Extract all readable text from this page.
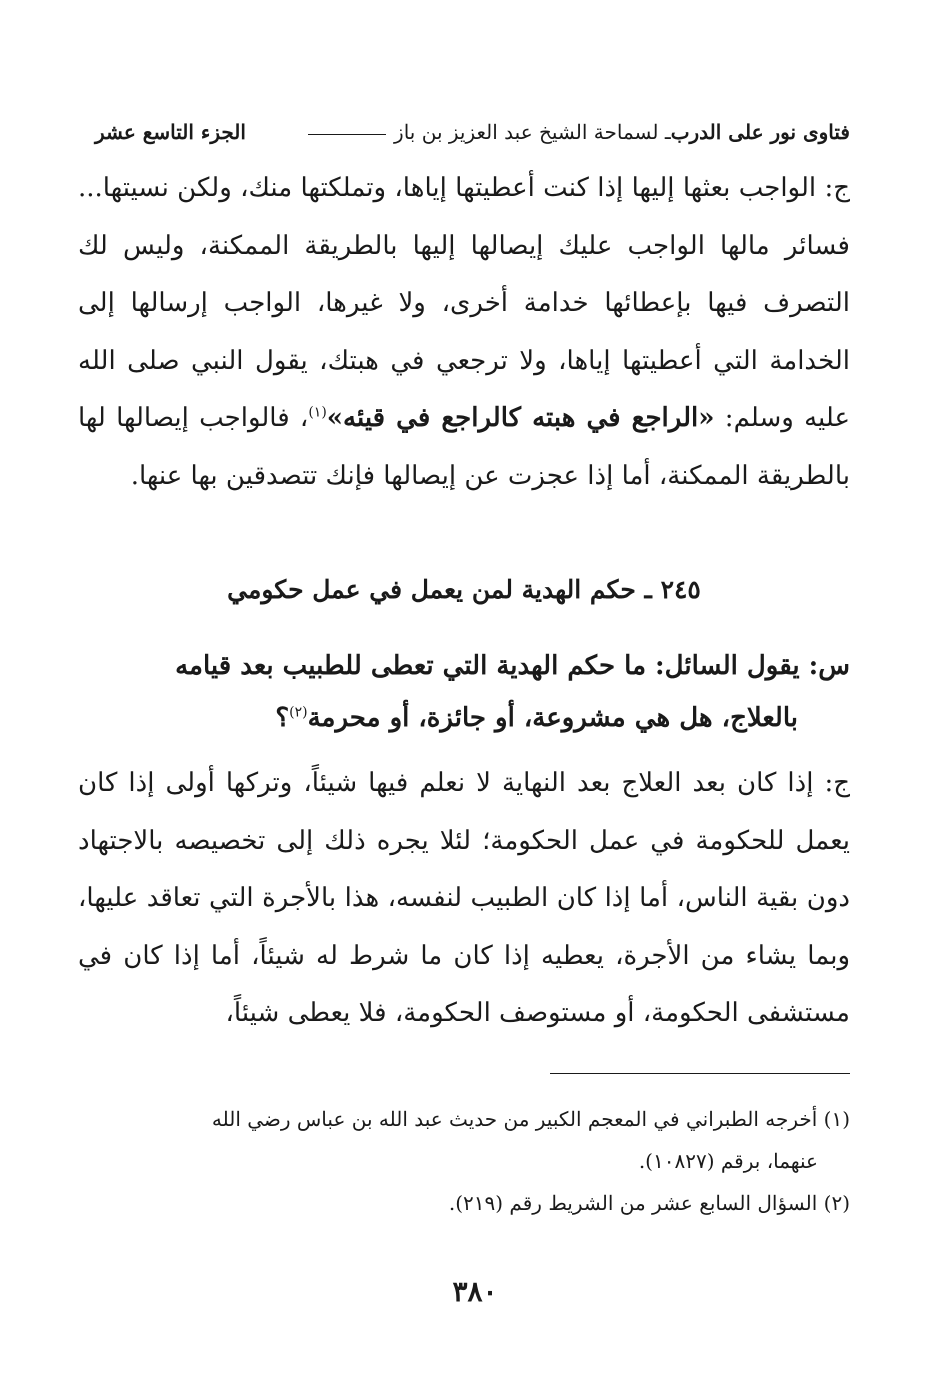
فتاوى نور على الدرب
ـ لسماحة الشيخ عبد العزيز بن باز
الجزء التاسع عشر
ج: الواجب بعثها إليها إذا كنت أعطيتها إياها، وتملكتها منك، ولكن نسيتها... فسائر مالها الواجب عليك إيصالها إليها بالطريقة الممكنة، وليس لك التصرف فيها بإعطائها خدامة أخرى، ولا غيرها، الواجب إرسالها إلى الخدامة التي أعطيتها إياها، ولا ترجعي في هبتك، يقول النبي صلى الله عليه وسلم: «الراجع في هبته كالراجع في قيئه»$^{(١)}$، فالواجب إيصالها لها بالطريقة الممكنة، أما إذا عجزت عن إيصالها فإنك تتصدقين بها عنها.
٢٤٥ ـ حكم الهدية لمن يعمل في عمل حكومي
س: يقول السائل: ما حكم الهدية التي تعطى للطبيب بعد قيامه
بالعلاج، هل هي مشروعة، أو جائزة، أو محرمة$^{(٢)}$؟
ج: إذا كان بعد العلاج بعد النهاية لا نعلم فيها شيئاً، وتركها أولى إذا كان يعمل للحكومة في عمل الحكومة؛ لئلا يجره ذلك إلى تخصيصه بالاجتهاد دون بقية الناس، أما إذا كان الطبيب لنفسه، هذا بالأجرة التي تعاقد عليها، وبما يشاء من الأجرة، يعطيه إذا كان ما شرط له شيئاً، أما إذا كان في مستشفى الحكومة، أو مستوصف الحكومة، فلا يعطى شيئاً،
(١) أخرجه الطبراني في المعجم الكبير من حديث عبد الله بن عباس رضي الله
عنهما، برقم (١٠٨٢٧).
(٢) السؤال السابع عشر من الشريط رقم (٢١٩).
٣٨٠
